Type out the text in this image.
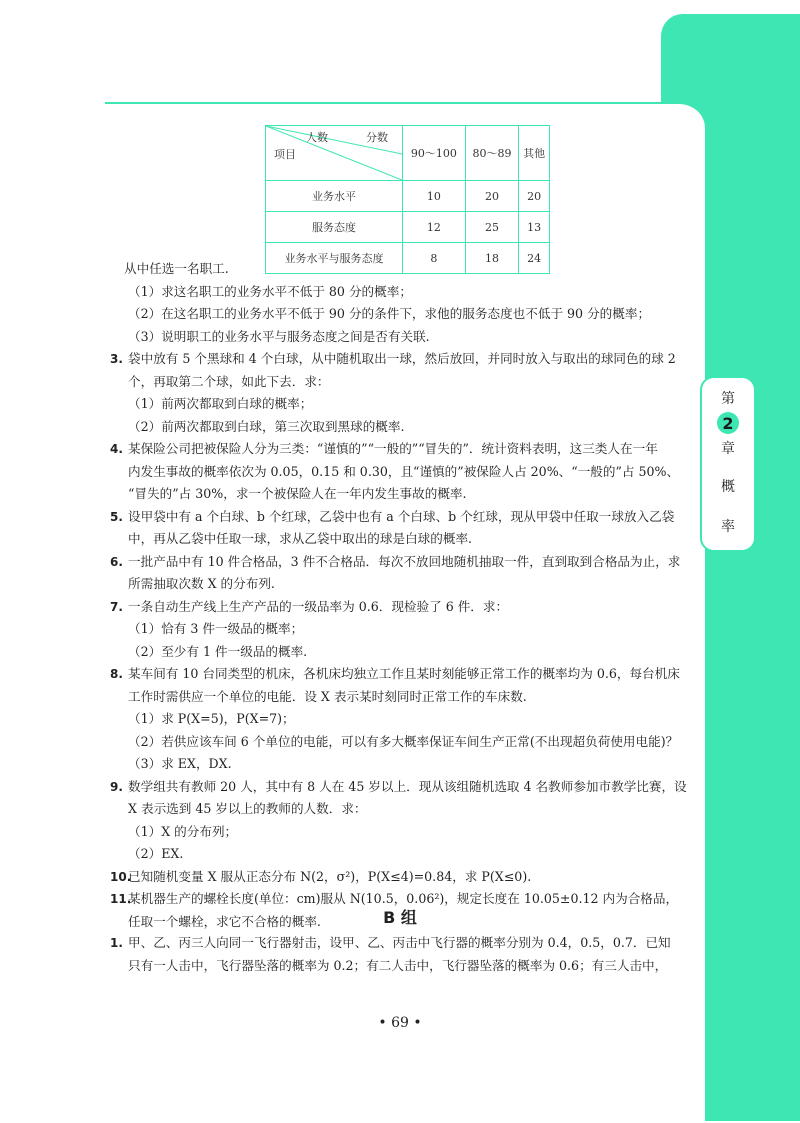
第
2
章
概
率
人数 分数
项目	90～100	80～89	其他
业务水平	10	20	20
服务态度	12	25	13
业务水平与服务态度	8	18	24
从中任选一名职工.
（1）求这名职工的业务水平不低于 80 分的概率；
（2）在这名职工的业务水平不低于 90 分的条件下，求他的服务态度也不低于 90 分的概率；
（3）说明职工的业务水平与服务态度之间是否有关联.
3. 袋中放有 5 个黑球和 4 个白球，从中随机取出一球，然后放回，并同时放入与取出的球同色的球 2
个，再取第二个球，如此下去．求：
（1）前两次都取到白球的概率；
（2）前两次都取到白球，第三次取到黑球的概率.
4. 某保险公司把被保险人分为三类：“谨慎的”“一般的”“冒失的”．统计资料表明，这三类人在一年
内发生事故的概率依次为 0.05，0.15 和 0.30，且“谨慎的”被保险人占 20%、“一般的”占 50%、
“冒失的”占 30%，求一个被保险人在一年内发生事故的概率.
5. 设甲袋中有 a 个白球、b 个红球，乙袋中也有 a 个白球、b 个红球，现从甲袋中任取一球放入乙袋
中，再从乙袋中任取一球，求从乙袋中取出的球是白球的概率.
6. 一批产品中有 10 件合格品，3 件不合格品．每次不放回地随机抽取一件，直到取到合格品为止，求
所需抽取次数 X 的分布列.
7. 一条自动生产线上生产产品的一级品率为 0.6．现检验了 6 件．求：
（1）恰有 3 件一级品的概率；
（2）至少有 1 件一级品的概率.
8. 某车间有 10 台同类型的机床，各机床均独立工作且某时刻能够正常工作的概率均为 0.6，每台机床
工作时需供应一个单位的电能．设 X 表示某时刻同时正常工作的车床数.
（1）求 P(X=5)，P(X=7)；
（2）若供应该车间 6 个单位的电能，可以有多大概率保证车间生产正常(不出现超负荷使用电能)？
（3）求 EX，DX.
9. 数学组共有教师 20 人，其中有 8 人在 45 岁以上．现从该组随机选取 4 名教师参加市教学比赛，设
X 表示选到 45 岁以上的教师的人数．求：
（1）X 的分布列；
（2）EX.
10.
已知随机变量 X 服从正态分布 N(2，σ²)，P(X≤4)=0.84，求 P(X≤0).
11.
某机器生产的螺栓长度(单位：cm)服从 N(10.5，0.06²)，规定长度在 10.05±0.12 内为合格品，
任取一个螺栓，求它不合格的概率.	B 组
1. 甲、乙、丙三人向同一飞行器射击，设甲、乙、丙击中飞行器的概率分别为 0.4，0.5，0.7．已知
只有一人击中，飞行器坠落的概率为 0.2；有二人击中，飞行器坠落的概率为 0.6；有三人击中，
• 69 •
